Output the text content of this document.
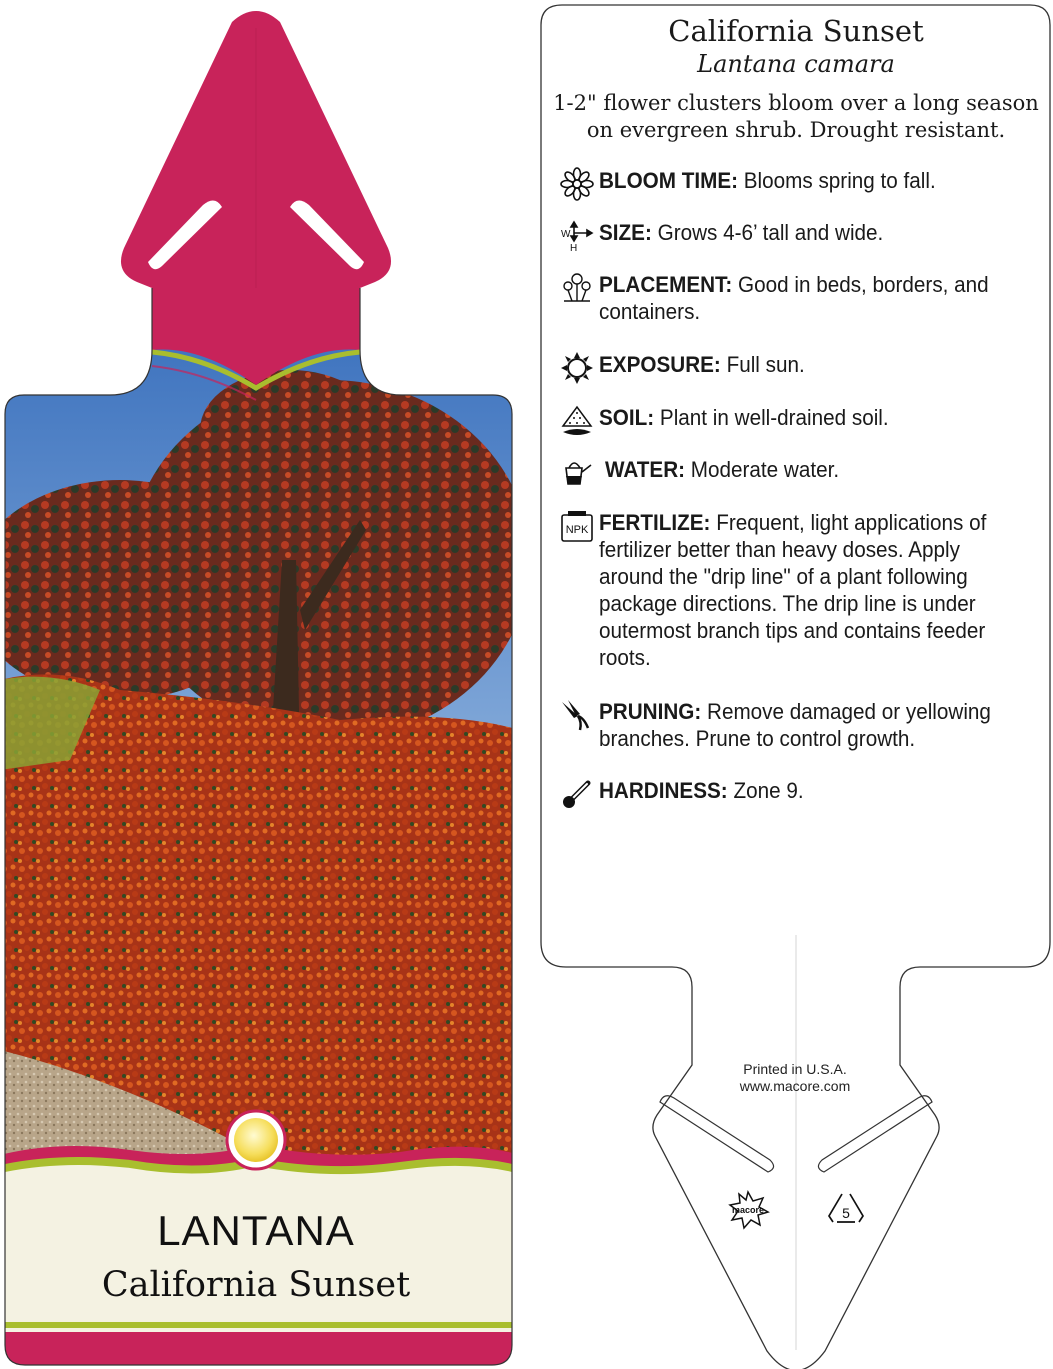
macore	5
California Sunset
Lantana camara
1-2" flower clusters bloom over a long season
on evergreen shrub. Drought resistant.
BLOOM TIME: Blooms spring to fall.
W
H
SIZE: Grows 4-6’ tall and wide.
PLACEMENT: Good in beds, borders, and containers.
EXPOSURE: Full sun.
SOIL: Plant in well-drained soil.
WATER: Moderate water.
NPK FERTILIZE: Frequent, light applications of fertilizer better than heavy doses. Apply around the "drip line" of a plant following package directions. The drip line is under outermost branch tips and contains feeder roots.
PRUNING: Remove damaged or yellowing branches. Prune to control growth.
HARDINESS: Zone 9.
Printed in U.S.A.
www.macore.com
LANTANA
California Sunset
